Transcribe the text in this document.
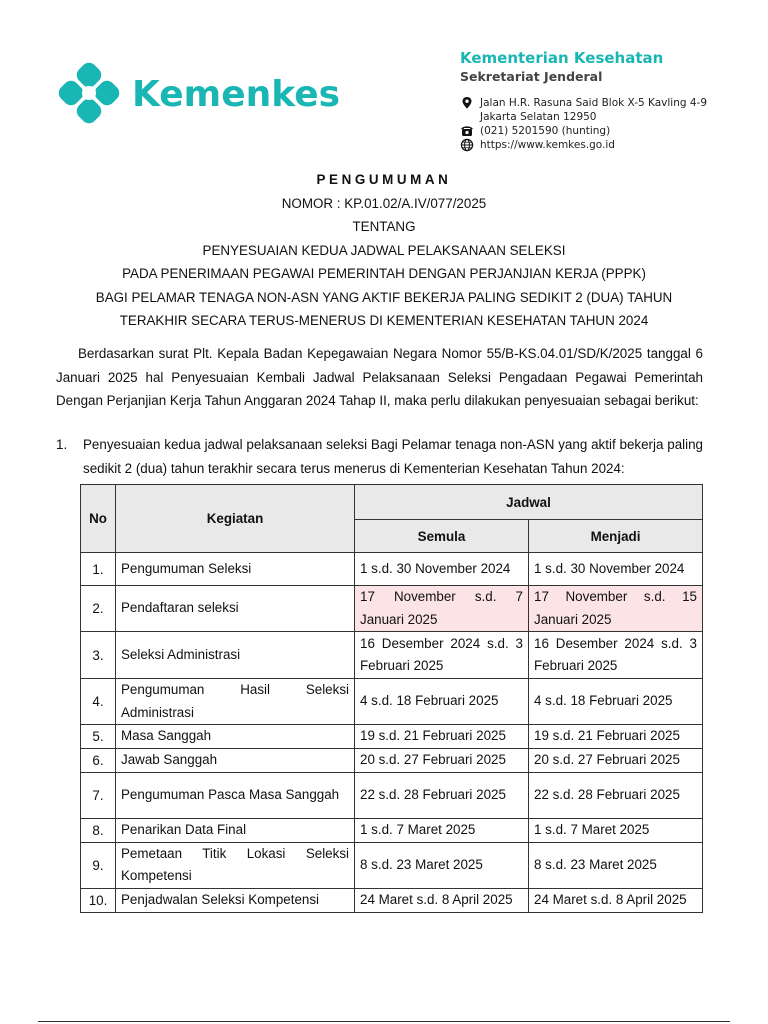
Kemenkes
Kementerian Kesehatan
Sekretariat Jenderal
Jalan H.R. Rasuna Said Blok X-5 Kavling 4-9
Jakarta Selatan 12950
(021) 5201590 (hunting)
https://www.kemkes.go.id
PENGUMUMAN
NOMOR : KP.01.02/A.IV/077/2025
TENTANG
PENYESUAIAN KEDUA JADWAL PELAKSANAAN SELEKSI
PADA PENERIMAAN PEGAWAI PEMERINTAH DENGAN PERJANJIAN KERJA (PPPK)
BAGI PELAMAR TENAGA NON-ASN YANG AKTIF BEKERJA PALING SEDIKIT 2 (DUA) TAHUN
TERAKHIR SECARA TERUS-MENERUS DI KEMENTERIAN KESEHATAN TAHUN 2024
Berdasarkan surat Plt. Kepala Badan Kepegawaian Negara Nomor 55/B-KS.04.01/SD/K/2025 tanggal 6 Januari 2025 hal Penyesuaian Kembali Jadwal Pelaksanaan Seleksi Pengadaan Pegawai Pemerintah Dengan Perjanjian Kerja Tahun Anggaran 2024 Tahap II, maka perlu dilakukan penyesuaian sebagai berikut:
1.	Penyesuaian kedua jadwal pelaksanaan seleksi Bagi Pelamar tenaga non-ASN yang aktif bekerja paling sedikit 2 (dua) tahun terakhir secara terus menerus di Kementerian Kesehatan Tahun 2024:
No	Kegiatan	Jadwal	
		Semula	Menjadi
1.	Pengumuman Seleksi	1 s.d. 30 November 2024	1 s.d. 30 November 2024
2.	Pendaftaran seleksi	17 November s.d. 7 Januari 2025	17 November s.d. 15 Januari 2025
3.	Seleksi Administrasi	16 Desember 2024 s.d. 3 Februari 2025	16 Desember 2024 s.d. 3 Februari 2025
4.	Pengumuman Hasil Seleksi Administrasi	4 s.d. 18 Februari 2025	4 s.d. 18 Februari 2025
5.	Masa Sanggah	19 s.d. 21 Februari 2025	19 s.d. 21 Februari 2025
6.	Jawab Sanggah	20 s.d. 27 Februari 2025	20 s.d. 27 Februari 2025
7.	Pengumuman Pasca Masa Sanggah	22 s.d. 28 Februari 2025	22 s.d. 28 Februari 2025
8.	Penarikan Data Final	1 s.d. 7 Maret 2025	1 s.d. 7 Maret 2025
9.	Pemetaan Titik Lokasi Seleksi Kompetensi	8 s.d. 23 Maret 2025	8 s.d. 23 Maret 2025
10.	Penjadwalan Seleksi Kompetensi	24 Maret s.d. 8 April 2025	24 Maret s.d. 8 April 2025
